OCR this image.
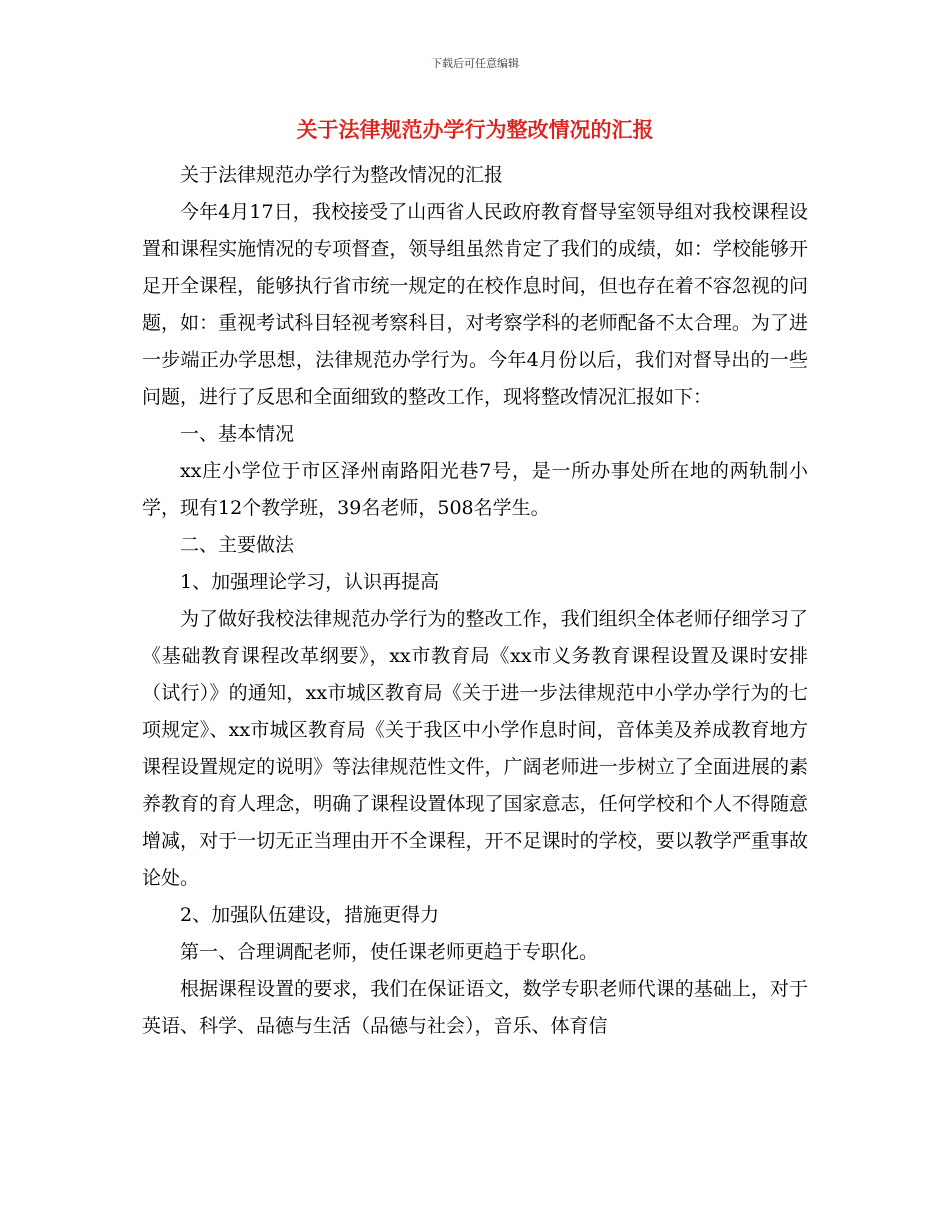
下载后可任意编辑
关于法律规范办学行为整改情况的汇报

关于法律规范办学行为整改情况的汇报

今年4月17日，我校接受了山西省人民政府教育督导室领导组对我校课程设置和课程实施情况的专项督查，领导组虽然肯定了我们的成绩，如：学校能够开足开全课程，能够执行省市统一规定的在校作息时间，但也存在着不容忽视的问题，如：重视考试科目轻视考察科目，对考察学科的老师配备不太合理。为了进一步端正办学思想，法律规范办学行为。今年4月份以后，我们对督导出的一些问题，进行了反思和全面细致的整改工作，现将整改情况汇报如下：

一、基本情况

xx庄小学位于市区泽州南路阳光巷7号，是一所办事处所在地的两轨制小学，现有12个教学班，39名老师，508名学生。

二、主要做法

1、加强理论学习，认识再提高

为了做好我校法律规范办学行为的整改工作，我们组织全体老师仔细学习了《基础教育课程改革纲要》，xx市教育局《xx市义务教育课程设置及课时安排（试行）》的通知，xx市城区教育局《关于进一步法律规范中小学办学行为的七项规定》、xx市城区教育局《关于我区中小学作息时间，音体美及养成教育地方课程设置规定的说明》等法律规范性文件，广阔老师进一步树立了全面进展的素养教育的育人理念，明确了课程设置体现了国家意志，任何学校和个人不得随意增减，对于一切无正当理由开不全课程，开不足课时的学校，要以教学严重事故论处。

2、加强队伍建设，措施更得力

第一、合理调配老师，使任课老师更趋于专职化。

根据课程设置的要求，我们在保证语文，数学专职老师代课的基础上，对于英语、科学、品德与生活（品德与社会），音乐、体育信
